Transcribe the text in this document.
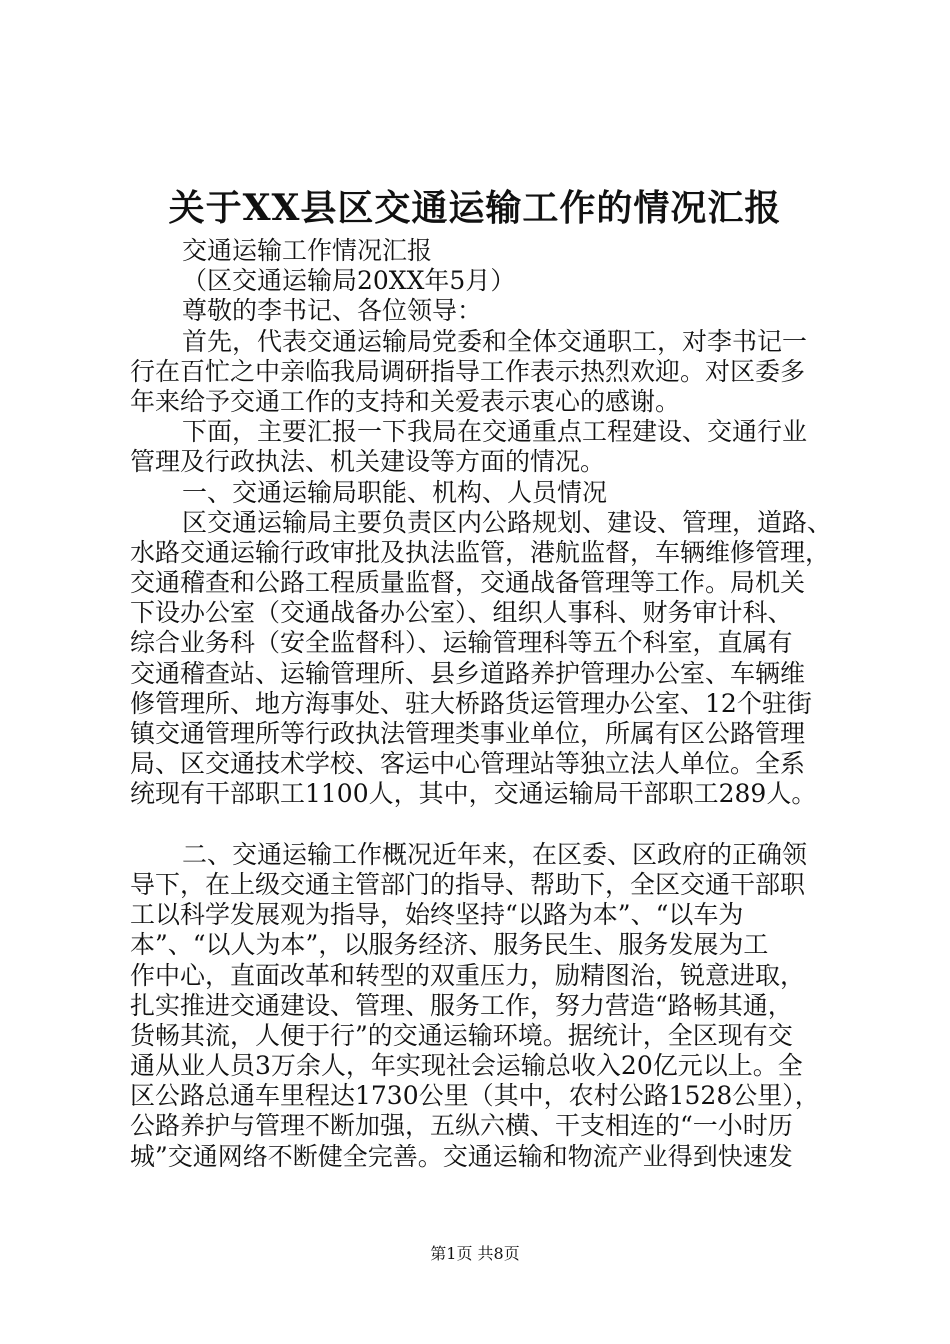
关于XX县区交通运输工作的情况汇报
交通运输工作情况汇报
（区交通运输局20XX年5月）
尊敬的李书记、各位领导：
首先，代表交通运输局党委和全体交通职工，对李书记一
行在百忙之中亲临我局调研指导工作表示热烈欢迎。对区委多
年来给予交通工作的支持和关爱表示衷心的感谢。
下面，主要汇报一下我局在交通重点工程建设、交通行业
管理及行政执法、机关建设等方面的情况。
一、交通运输局职能、机构、人员情况
区交通运输局主要负责区内公路规划、建设、管理，道路、
水路交通运输行政审批及执法监管，港航监督，车辆维修管理，
交通稽查和公路工程质量监督，交通战备管理等工作。局机关
下设办公室（交通战备办公室）、组织人事科、财务审计科、
综合业务科（安全监督科）、运输管理科等五个科室，直属有
交通稽查站、运输管理所、县乡道路养护管理办公室、车辆维
修管理所、地方海事处、驻大桥路货运管理办公室、12个驻街
镇交通管理所等行政执法管理类事业单位，所属有区公路管理
局、区交通技术学校、客运中心管理站等独立法人单位。全系
统现有干部职工1100人，其中，交通运输局干部职工289人。
二、交通运输工作概况近年来，在区委、区政府的正确领
导下，在上级交通主管部门的指导、帮助下，全区交通干部职
工以科学发展观为指导，始终坚持“以路为本”、“以车为
本”、“以人为本”，以服务经济、服务民生、服务发展为工
作中心，直面改革和转型的双重压力，励精图治，锐意进取，
扎实推进交通建设、管理、服务工作，努力营造“路畅其通，
货畅其流，人便于行”的交通运输环境。据统计，全区现有交
通从业人员3万余人，年实现社会运输总收入20亿元以上。全
区公路总通车里程达1730公里（其中，农村公路1528公里），
公路养护与管理不断加强，五纵六横、干支相连的“一小时历
城”交通网络不断健全完善。交通运输和物流产业得到快速发
第1页 共8页
